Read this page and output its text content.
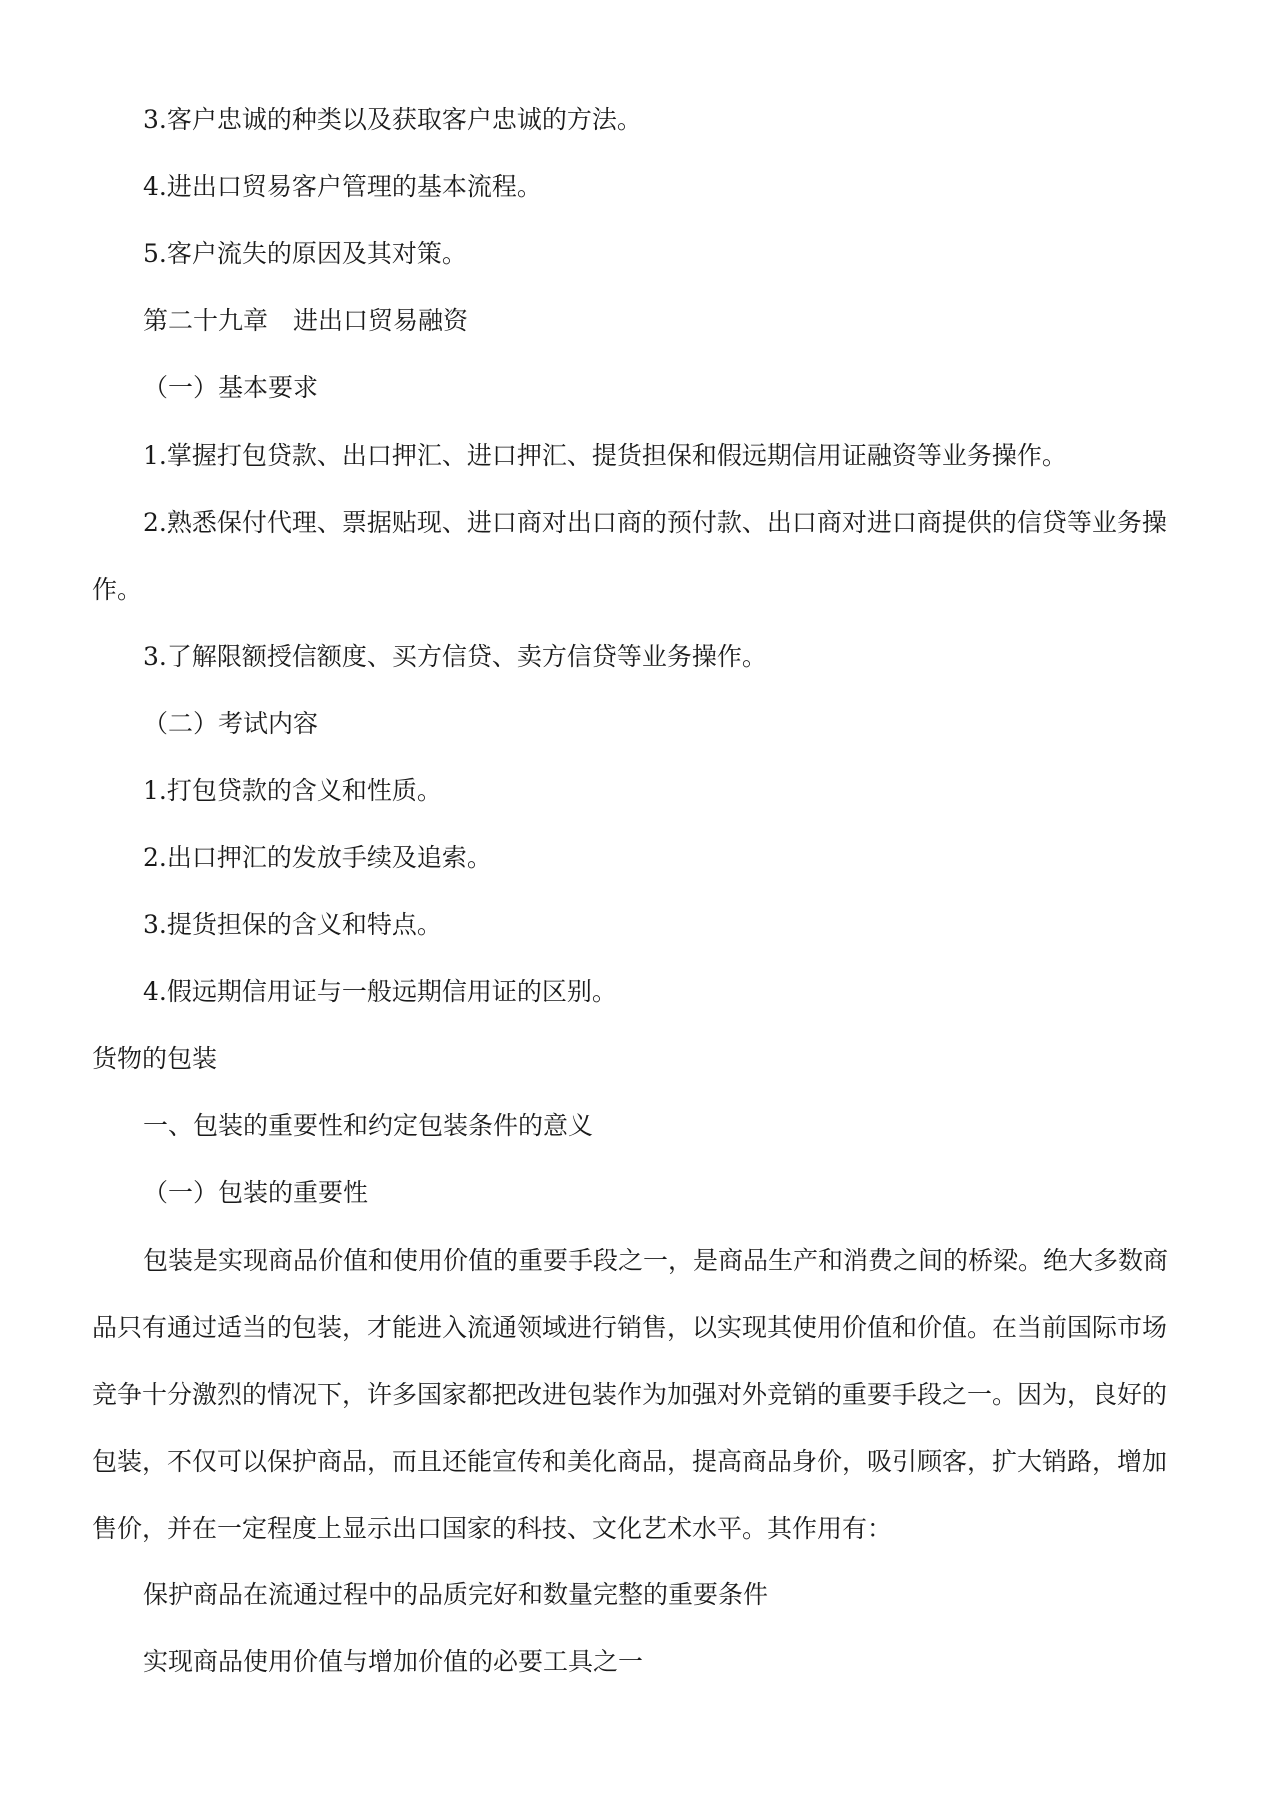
3.客户忠诚的种类以及获取客户忠诚的方法。

4.进出口贸易客户管理的基本流程。

5.客户流失的原因及其对策。

第二十九章　进出口贸易融资

（一）基本要求

1.掌握打包贷款、出口押汇、进口押汇、提货担保和假远期信用证融资等业务操作。

2.熟悉保付代理、票据贴现、进口商对出口商的预付款、出口商对进口商提供的信贷等业务操

作。

3.了解限额授信额度、买方信贷、卖方信贷等业务操作。

（二）考试内容

1.打包贷款的含义和性质。

2.出口押汇的发放手续及追索。

3.提货担保的含义和特点。

4.假远期信用证与一般远期信用证的区别。

货物的包装

一、包装的重要性和约定包装条件的意义

（一）包装的重要性

包装是实现商品价值和使用价值的重要手段之一，是商品生产和消费之间的桥梁。绝大多数商
品只有通过适当的包装，才能进入流通领域进行销售，以实现其使用价值和价值。在当前国际市场
竞争十分激烈的情况下，许多国家都把改进包装作为加强对外竞销的重要手段之一。因为，良好的
包装，不仅可以保护商品，而且还能宣传和美化商品，提高商品身价，吸引顾客，扩大销路，增加
售价，并在一定程度上显示出口国家的科技、文化艺术水平。其作用有：

保护商品在流通过程中的品质完好和数量完整的重要条件

实现商品使用价值与增加价值的必要工具之一
